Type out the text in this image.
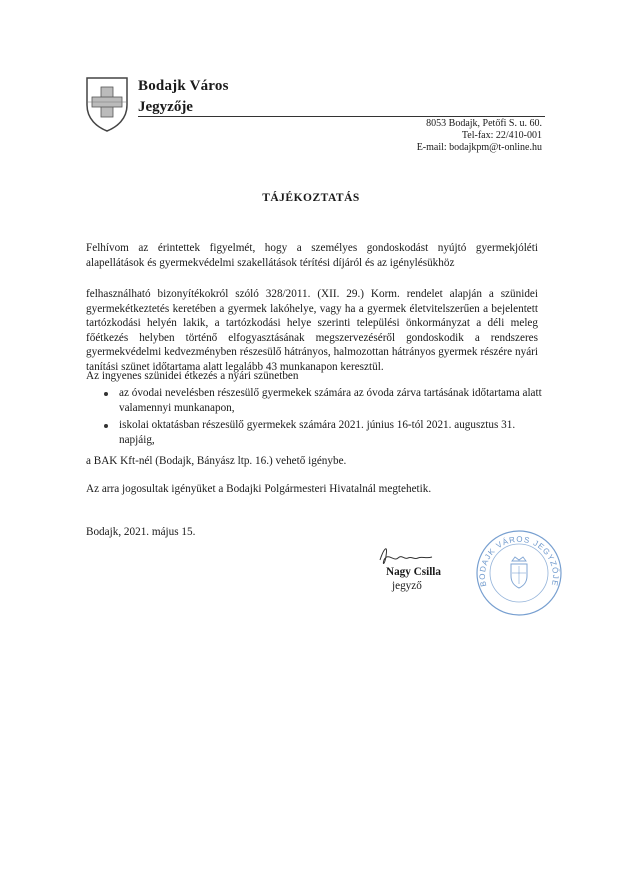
Bodajk Város
Jegyzője
8053 Bodajk, Petőfi S. u. 60.
Tel-fax: 22/410-001
E-mail: bodajkpm@t-online.hu
TÁJÉKOZTATÁS
Felhívom az érintettek figyelmét, hogy a személyes gondoskodást nyújtó gyermekjóléti alapellátások és gyermekvédelmi szakellátások térítési díjáról és az igénylésükhöz
felhasználható bizonyítékokról szóló 328/2011. (XII. 29.) Korm. rendelet alapján a szünidei gyermekétkeztetés keretében a gyermek lakóhelye, vagy ha a gyermek életvitelszerűen a bejelentett tartózkodási helyén lakik, a tartózkodási helye szerinti települési önkormányzat a déli meleg főétkezés helyben történő elfogyasztásának megszervezéséről gondoskodik a rendszeres gyermekvédelmi kedvezményben részesülő hátrányos, halmozottan hátrányos gyermek részére nyári tanítási szünet időtartama alatt legalább 43 munkanapon keresztül.
Az ingyenes szünidei étkezés a nyári szünetben
az óvodai nevelésben részesülő gyermekek számára az óvoda zárva tartásának időtartama alatt valamennyi munkanapon,
iskolai oktatásban részesülő gyermekek számára 2021. június 16-tól 2021. augusztus 31. napjáig,
a BAK Kft-nél (Bodajk, Bányász ltp. 16.) vehető igénybe.
Az arra jogosultak igényüket a Bodajki Polgármesteri Hivatalnál megtehetik.
Bodajk, 2021. május 15.
Nagy Csilla
jegyző	BODAJK VÁROS JEGYZŐJE
